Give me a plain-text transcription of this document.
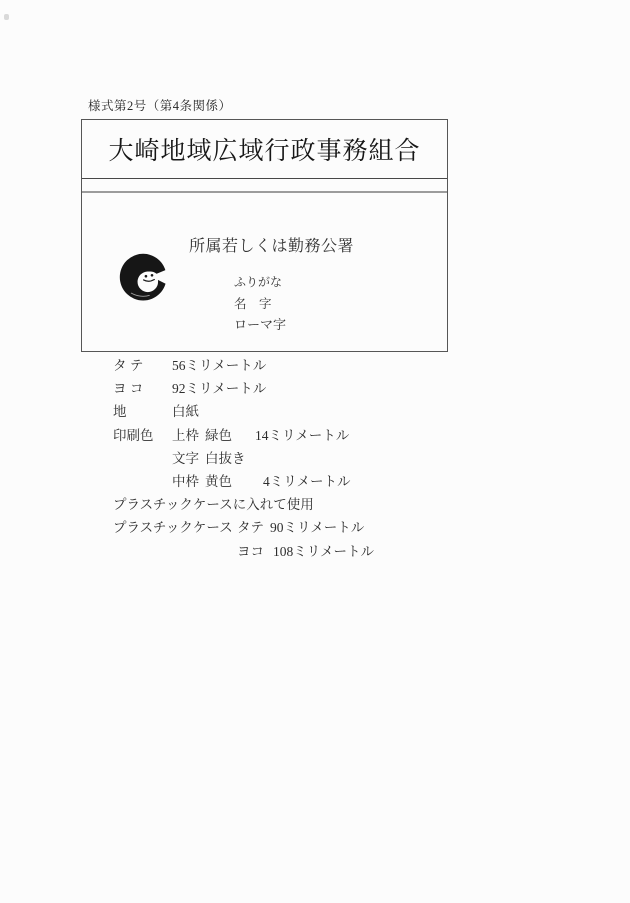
様式第2号（第4条関係）
大崎地域広域行政事務組合
所属若しくは勤務公署
ふりがな
名　字
ローマ字
タ テ 56ミリメートル
ヨ コ 92ミリメートル
地	白紙
印刷色 上枠 緑色 14ミリメートル
文字 白抜き
中枠 黄色 4ミリメートル
プラスチックケースに入れて使用
プラスチックケース タテ 90ミリメートル
ヨコ 108ミリメートル
